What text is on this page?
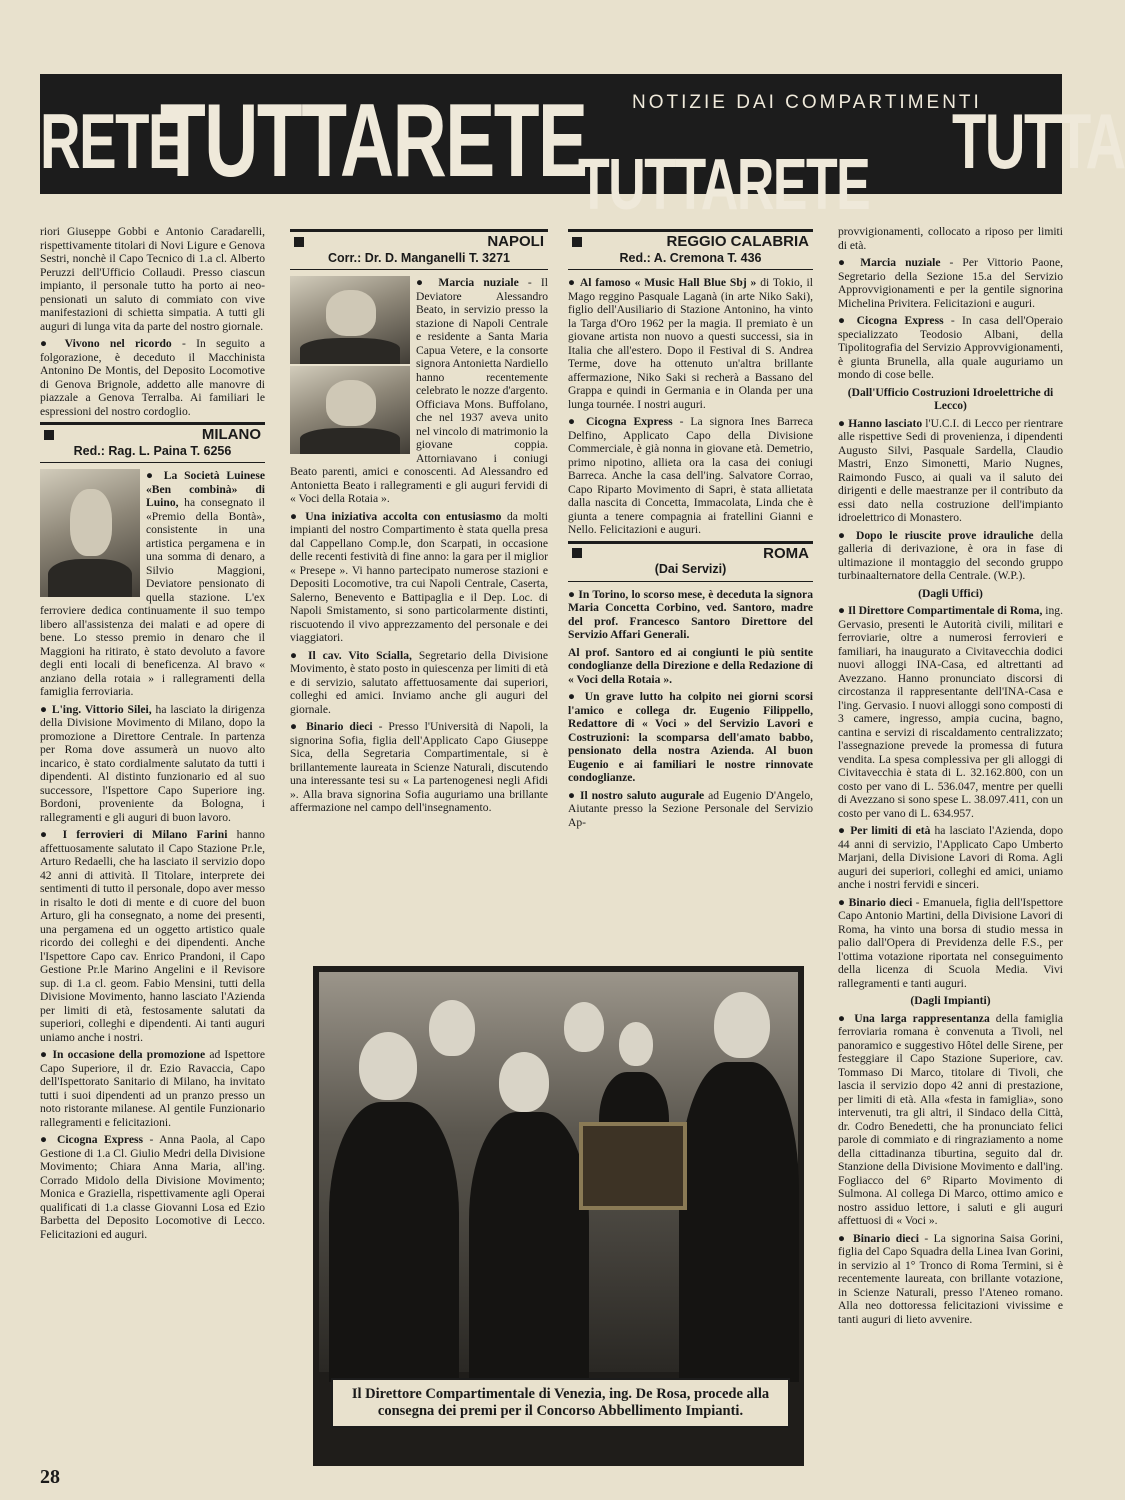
RETE
TUTTARETE NOTIZIE DAI COMPARTIMENTI
TUTTA
TUTTARETE

riori Giuseppe Gobbi e Antonio Caradarelli, rispettivamente titolari di Novi Ligure e Genova Sestri, nonchè il Capo Tecnico di 1.a cl. Alberto Peruzzi dell'Ufficio Collaudi. Presso ciascun impianto, il personale tutto ha porto ai neo-pensionati un saluto di commiato con vive manifestazioni di schietta simpatia. A tutti gli auguri di lunga vita da parte del nostro giornale.

● Vivono nel ricordo - In seguito a folgorazione, è deceduto il Macchinista Antonino De Montis, del Deposito Locomotive di Genova Brignole, addetto alle manovre di piazzale a Genova Terralba. Ai familiari le espressioni del nostro cordoglio.

MILANO
Red.: Rag. L. Paina T. 6256

● La Società Luinese «Ben combinà» di Luino, ha consegnato il «Premio della Bontà», consistente in una artistica pergamena e in una somma di denaro, a Silvio Maggioni, Deviatore pensionato di quella stazione. L'ex ferroviere dedica continuamente il suo tempo libero all'assistenza dei malati e ad opere di bene. Lo stesso premio in denaro che il Maggioni ha ritirato, è stato devoluto a favore degli enti locali di beneficenza. Al bravo « anziano della rotaia » i rallegramenti della famiglia ferroviaria.

● L'ing. Vittorio Silei, ha lasciato la dirigenza della Divisione Movimento di Milano, dopo la promozione a Direttore Centrale. In partenza per Roma dove assumerà un nuovo alto incarico, è stato cordialmente salutato da tutti i dipendenti. Al distinto funzionario ed al suo successore, l'Ispettore Capo Superiore ing. Bordoni, proveniente da Bologna, i rallegramenti e gli auguri di buon lavoro.

● I ferrovieri di Milano Farini hanno affettuosamente salutato il Capo Stazione Pr.le, Arturo Redaelli, che ha lasciato il servizio dopo 42 anni di attività. Il Titolare, interprete dei sentimenti di tutto il personale, dopo aver messo in risalto le doti di mente e di cuore del buon Arturo, gli ha consegnato, a nome dei presenti, una pergamena ed un oggetto artistico quale ricordo dei colleghi e dei dipendenti. Anche l'Ispettore Capo cav. Enrico Prandoni, il Capo Gestione Pr.le Marino Angelini e il Revisore sup. di 1.a cl. geom. Fabio Mensini, tutti della Divisione Movimento, hanno lasciato l'Azienda per limiti di età, festosamente salutati da superiori, colleghi e dipendenti. Ai tanti auguri uniamo anche i nostri.

● In occasione della promozione ad Ispettore Capo Superiore, il dr. Ezio Ravaccia, Capo dell'Ispettorato Sanitario di Milano, ha invitato tutti i suoi dipendenti ad un pranzo presso un noto ristorante milanese. Al gentile Funzionario rallegramenti e felicitazioni.

● Cicogna Express - Anna Paola, al Capo Gestione di 1.a Cl. Giulio Medri della Divisione Movimento; Chiara Anna Maria, all'ing. Corrado Midolo della Divisione Movimento; Monica e Graziella, rispettivamente agli Operai qualificati di 1.a classe Giovanni Losa ed Ezio Barbetta del Deposito Locomotive di Lecco. Felicitazioni ed auguri.

NAPOLI
Corr.: Dr. D. Manganelli T. 3271

● Marcia nuziale - Il Deviatore Alessandro Beato, in servizio presso la stazione di Napoli Centrale e residente a Santa Maria Capua Vetere, e la consorte signora Antonietta Nardiello hanno recentemente celebrato le nozze d'argento. Officiava Mons. Buffolano, che nel 1937 aveva unito nel vincolo di matrimonio la giovane coppia. Attorniavano i coniugi Beato parenti, amici e conoscenti. Ad Alessandro ed Antonietta Beato i rallegramenti e gli auguri fervidi di « Voci della Rotaia ».

● Una iniziativa accolta con entusiasmo da molti impianti del nostro Compartimento è stata quella presa dal Cappellano Comp.le, don Scarpati, in occasione delle recenti festività di fine anno: la gara per il miglior « Presepe ». Vi hanno partecipato numerose stazioni e Depositi Locomotive, tra cui Napoli Centrale, Caserta, Salerno, Benevento e Battipaglia e il Dep. Loc. di Napoli Smistamento, si sono particolarmente distinti, riscuotendo il vivo apprezzamento del personale e dei viaggiatori.

● Il cav. Vito Scialla, Segretario della Divisione Movimento, è stato posto in quiescenza per limiti di età e di servizio, salutato affettuosamente dai superiori, colleghi ed amici. Inviamo anche gli auguri del giornale.

● Binario dieci - Presso l'Università di Napoli, la signorina Sofia, figlia dell'Applicato Capo Giuseppe Sica, della Segretaria Compartimentale, si è brillantemente laureata in Scienze Naturali, discutendo una interessante tesi su « La partenogenesi negli Afidi ». Alla brava signorina Sofia auguriamo una brillante affermazione nel campo dell'insegnamento.

REGGIO CALABRIA
Red.: A. Cremona T. 436

● Al famoso « Music Hall Blue Sbj » di Tokio, il Mago reggino Pasquale Laganà (in arte Niko Saki), figlio dell'Ausiliario di Stazione Antonino, ha vinto la Targa d'Oro 1962 per la magia. Il premiato è un giovane artista non nuovo a questi successi, sia in Italia che all'estero. Dopo il Festival di S. Andrea Terme, dove ha ottenuto un'altra brillante affermazione, Niko Saki si recherà a Bassano del Grappa e quindi in Germania e in Olanda per una lunga tournée. I nostri auguri.

● Cicogna Express - La signora Ines Barreca Delfino, Applicato Capo della Divisione Commerciale, è già nonna in giovane età. Demetrio, primo nipotino, allieta ora la casa dei coniugi Barreca. Anche la casa dell'ing. Salvatore Corrao, Capo Riparto Movimento di Sapri, è stata allietata dalla nascita di Concetta, Immacolata, Linda che è giunta a tenere compagnia ai fratellini Gianni e Nello. Felicitazioni e auguri.

ROMA
(Dai Servizi)

● In Torino, lo scorso mese, è deceduta la signora Maria Concetta Corbino, ved. Santoro, madre del prof. Francesco Santoro Direttore del Servizio Affari Generali.

Al prof. Santoro ed ai congiunti le più sentite condoglianze della Direzione e della Redazione di « Voci della Rotaia ».

● Un grave lutto ha colpito nei giorni scorsi l'amico e collega dr. Eugenio Filippello, Redattore di « Voci » del Servizio Lavori e Costruzioni: la scomparsa dell'amato babbo, pensionato della nostra Azienda. Al buon Eugenio e ai familiari le nostre rinnovate condoglianze.

● Il nostro saluto augurale ad Eugenio D'Angelo, Aiutante presso la Sezione Personale del Servizio Ap-

provvigionamenti, collocato a riposo per limiti di età.

● Marcia nuziale - Per Vittorio Paone, Segretario della Sezione 15.a del Servizio Approvvigionamenti e per la gentile signorina Michelina Privitera. Felicitazioni e auguri.

● Cicogna Express - In casa dell'Operaio specializzato Teodosio Albani, della Tipolitografia del Servizio Approvvigionamenti, è giunta Brunella, alla quale auguriamo un mondo di cose belle.

(Dall'Ufficio Costruzioni Idroelettriche di Lecco)

● Hanno lasciato l'U.C.I. di Lecco per rientrare alle rispettive Sedi di provenienza, i dipendenti Augusto Silvi, Pasquale Sardella, Claudio Mastri, Enzo Simonetti, Mario Nugnes, Raimondo Fusco, ai quali va il saluto dei dirigenti e delle maestranze per il contributo da essi dato nella costruzione dell'impianto idroelettrico di Monastero.

● Dopo le riuscite prove idrauliche della galleria di derivazione, è ora in fase di ultimazione il montaggio del secondo gruppo turbinaalternatore della Centrale. (W.P.).

(Dagli Uffici)

● Il Direttore Compartimentale di Roma, ing. Gervasio, presenti le Autorità civili, militari e ferroviarie, oltre a numerosi ferrovieri e familiari, ha inaugurato a Civitavecchia dodici nuovi alloggi INA-Casa, ed altrettanti ad Avezzano. Hanno pronunciato discorsi di circostanza il rappresentante dell'INA-Casa e l'ing. Gervasio. I nuovi alloggi sono composti di 3 camere, ingresso, ampia cucina, bagno, cantina e servizi di riscaldamento centralizzato; l'assegnazione prevede la promessa di futura vendita. La spesa complessiva per gli alloggi di Civitavecchia è stata di L. 32.162.800, con un costo per vano di L. 536.047, mentre per quelli di Avezzano si sono spese L. 38.097.411, con un costo per vano di L. 634.957.

● Per limiti di età ha lasciato l'Azienda, dopo 44 anni di servizio, l'Applicato Capo Umberto Marjani, della Divisione Lavori di Roma. Agli auguri dei superiori, colleghi ed amici, uniamo anche i nostri fervidi e sinceri.

● Binario dieci - Emanuela, figlia dell'Ispettore Capo Antonio Martini, della Divisione Lavori di Roma, ha vinto una borsa di studio messa in palio dall'Opera di Previdenza delle F.S., per l'ottima votazione riportata nel conseguimento della licenza di Scuola Media. Vivi rallegramenti e tanti auguri.

(Dagli Impianti)

● Una larga rappresentanza della famiglia ferroviaria romana è convenuta a Tivoli, nel panoramico e suggestivo Hôtel delle Sirene, per festeggiare il Capo Stazione Superiore, cav. Tommaso Di Marco, titolare di Tivoli, che lascia il servizio dopo 42 anni di prestazione, per limiti di età. Alla «festa in famiglia», sono intervenuti, tra gli altri, il Sindaco della Città, dr. Codro Benedetti, che ha pronunciato felici parole di commiato e di ringraziamento a nome della cittadinanza tiburtina, seguito dal dr. Stanzione della Divisione Movimento e dall'ing. Fogliacco del 6° Riparto Movimento di Sulmona. Al collega Di Marco, ottimo amico e nostro assiduo lettore, i saluti e gli auguri affettuosi di « Voci ».

● Binario dieci - La signorina Saisa Gorini, figlia del Capo Squadra della Linea Ivan Gorini, in servizio al 1° Tronco di Roma Termini, si è recentemente laureata, con brillante votazione, in Scienze Naturali, presso l'Ateneo romano. Alla neo dottoressa felicitazioni vivissime e tanti auguri di lieto avvenire.

Il Direttore Compartimentale di Venezia, ing. De Rosa, procede alla consegna dei premi per il Concorso Abbellimento Impianti.
28
